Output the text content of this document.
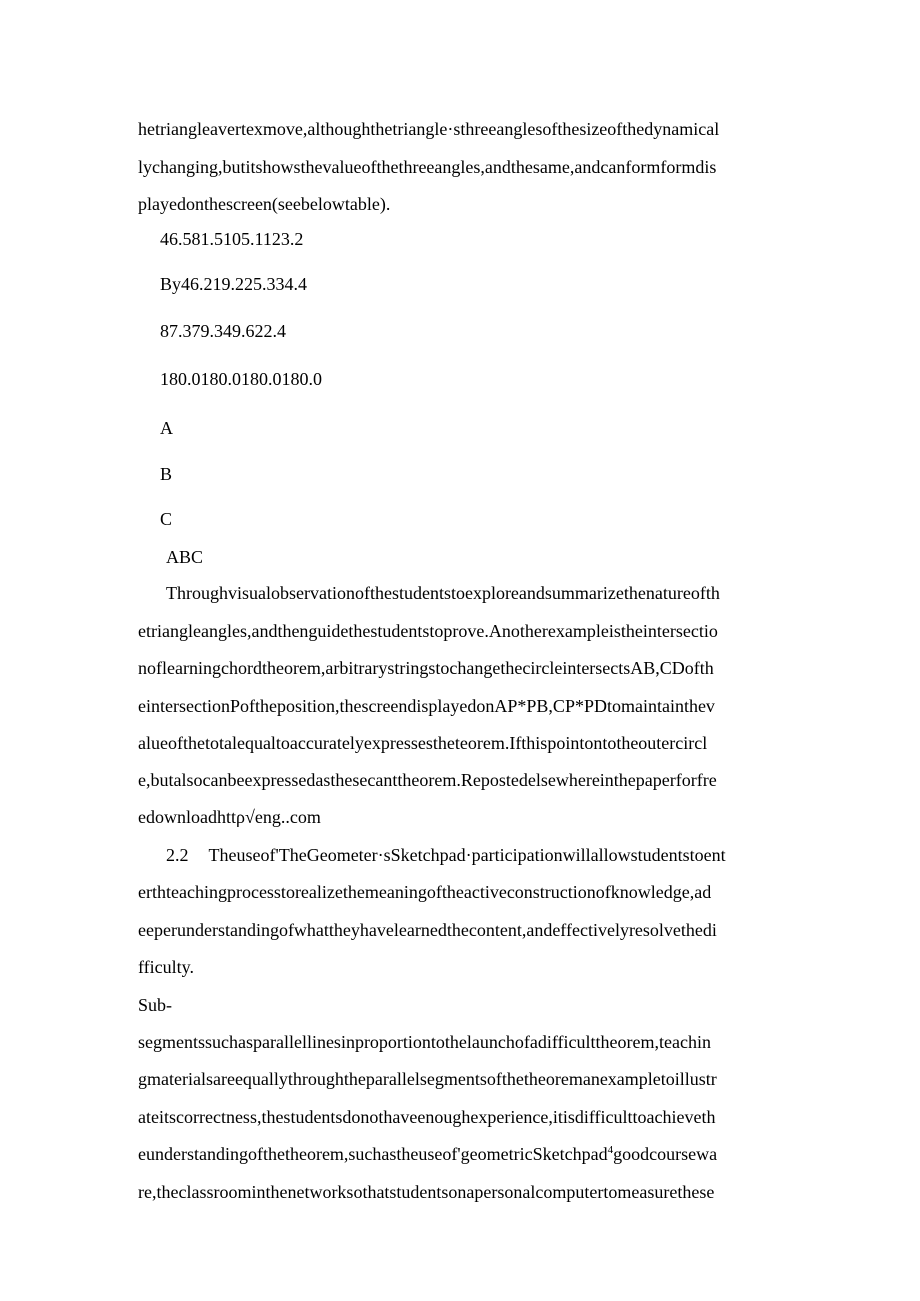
hetriangleavertexmove,althoughthetriangle·sthreeanglesofthesizeofthedynamical

lychanging,butitshowsthevalueofthethreeangles,andthesame,andcanformformdis

playedonthescreen(seebelowtable).

46.581.5105.1123.2

By46.219.225.334.4

87.379.349.622.4

180.0180.0180.0180.0

A

B

C

ABC

Throughvisualobservationofthestudentstoexploreandsummarizethenatureofth

etriangleangles,andthenguidethestudentstoprove.Anotherexampleistheintersectio

noflearningchordtheorem,arbitrarystringstochangethecircleintersectsAB,CDofth

eintersectionPoftheposition,thescreendisplayedonAP*PB,CP*PDtomaintainthev

alueofthetotalequaltoaccuratelyexpressestheteorem.Ifthispointontotheoutercircl

e,butalsocanbeexpressedasthesecanttheorem.Repostedelsewhereinthepaperforfre

edownloadhttρ√eng..com

2.2 Theuseof'TheGeometer·sSketchpad·participationwillallowstudentstoent

erthteachingprocesstorealizethemeaningoftheactiveconstructionofknowledge,ad

eeperunderstandingofwhattheyhavelearnedthecontent,andeffectivelyresolvethedi

fficulty.

Sub-

segmentssuchasparallellinesinproportiontothelaunchofadifficulttheorem,teachin

gmaterialsareequallythroughtheparallelsegmentsofthetheoremanexampletoillustr

ateitscorrectness,thestudentsdonothaveenoughexperience,itisdifficulttoachieveth

eunderstandingofthetheorem,suchastheuseof'geometricSketchpad$^4$goodcoursewa

re,theclassroominthenetworksothatstudentsonapersonalcomputertomeasurethese
